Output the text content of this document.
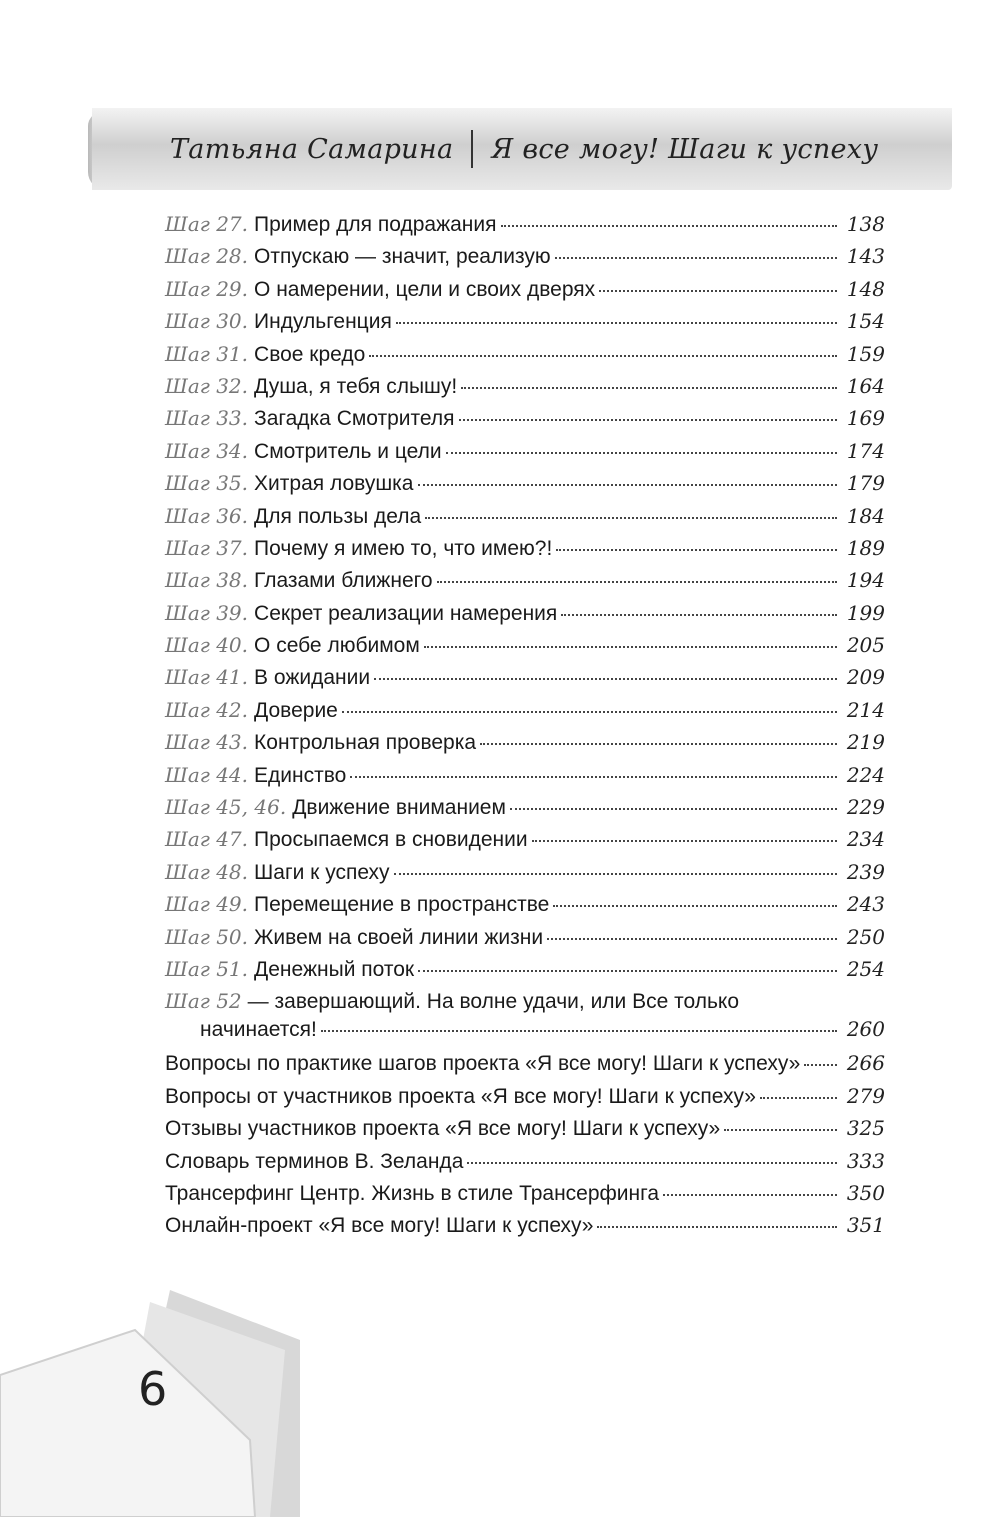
Татьяна Самарина Я все могу! Шаги к успеху
Шаг 27. Пример для подражания	138
Шаг 28. Отпускаю — значит, реализую	143
Шаг 29. О намерении, цели и своих дверях	148
Шаг 30. Индульгенция	154
Шаг 31. Свое кредо	159
Шаг 32. Душа, я тебя слышу!	164
Шаг 33. Загадка Смотрителя	169
Шаг 34. Смотритель и цели	174
Шаг 35. Хитрая ловушка	179
Шаг 36. Для пользы дела	184
Шаг 37. Почему я имею то, что имею?!	189
Шаг 38. Глазами ближнего	194
Шаг 39. Секрет реализации намерения	199
Шаг 40. О себе любимом	205
Шаг 41. В ожидании	209
Шаг 42. Доверие	214
Шаг 43. Контрольная проверка	219
Шаг 44. Единство	224
Шаг 45, 46. Движение вниманием	229
Шаг 47. Просыпаемся в сновидении	234
Шаг 48. Шаги к успеху	239
Шаг 49. Перемещение в пространстве	243
Шаг 50. Живем на своей линии жизни	250
Шаг 51. Денежный поток	254
Шаг 52 — завершающий. На волне удачи, или Все только
начинается!	260
Вопросы по практике шагов проекта «Я все могу! Шаги к успеху» 266
Вопросы от участников проекта «Я все могу! Шаги к успеху»	279
Отзывы участников проекта «Я все могу! Шаги к успеху»	325
Словарь терминов В. Зеланда	333
Трансерфинг Центр. Жизнь в стиле Трансерфинга	350
Онлайн-проект «Я все могу! Шаги к успеху»	351
6
